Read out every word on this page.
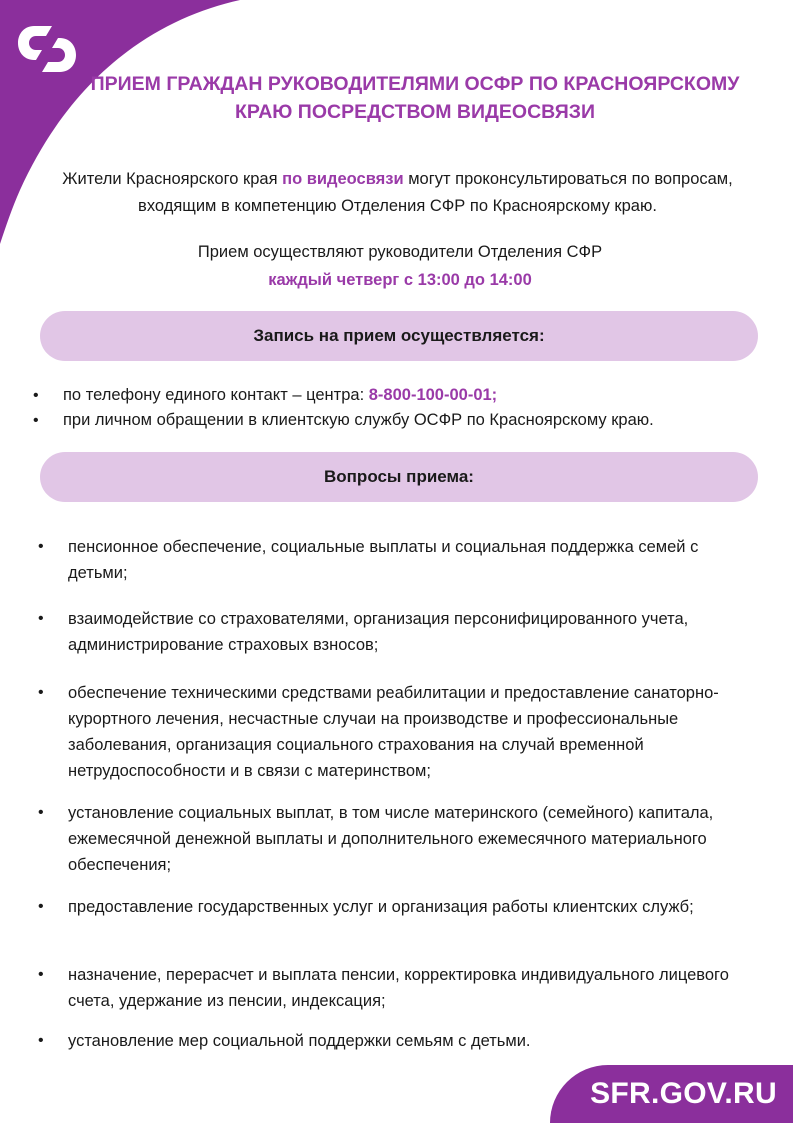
ПРИЕМ ГРАЖДАН РУКОВОДИТЕЛЯМИ ОСФР ПО КРАСНОЯРСКОМУ КРАЮ ПОСРЕДСТВОМ ВИДЕОСВЯЗИ
Жители Красноярского края по видеосвязи могут проконсультироваться по вопросам, входящим в компетенцию Отделения СФР по Красноярскому краю.
Прием осуществляют руководители Отделения СФР
каждый четверг с 13:00 до 14:00
Запись на прием осуществляется:
• по телефону единого контакт – центра: 8-800-100-00-01;
• при личном обращении в клиентскую службу ОСФР по Красноярскому краю.
Вопросы приема:
• пенсионное обеспечение, социальные выплаты и социальная поддержка семей с детьми;
• взаимодействие со страхователями, организация персонифицированного учета, администрирование страховых взносов;
• обеспечение техническими средствами реабилитации и предоставление санаторно-курортного лечения, несчастные случаи на производстве и профессиональные заболевания, организация социального страхования на случай временной нетрудоспособности и в связи с материнством;
• установление социальных выплат, в том числе материнского (семейного) капитала, ежемесячной денежной выплаты и дополнительного ежемесячного материального обеспечения;
• предоставление государственных услуг и организация работы клиентских служб;
• назначение, перерасчет и выплата пенсии, корректировка индивидуального лицевого счета, удержание из пенсии, индексация;
• установление мер социальной поддержки семьям с детьми.
SFR.GOV.RU
